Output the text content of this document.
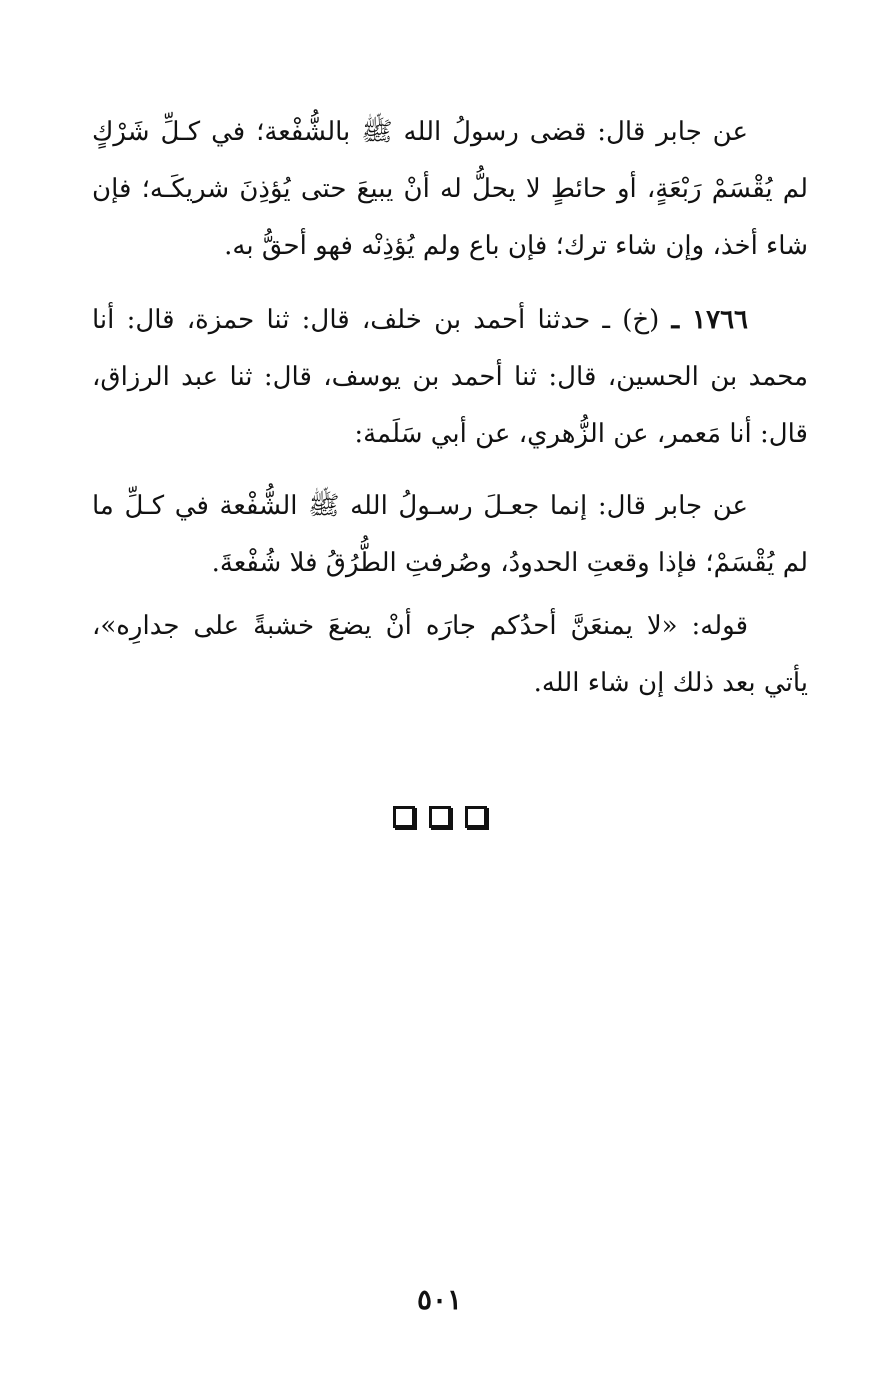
عن جابر قال: قضى رسولُ الله ﷺ بالشُّفْعة؛ في كـلِّ شَرْكٍ لم يُقْسَمْ رَبْعَةٍ، أو حائطٍ لا يحلُّ له أنْ يبيعَ حتى يُؤذِنَ شريكَـه؛ فإن شاء أخذ، وإن شاء ترك؛ فإن باع ولم يُؤذِنْه فهو أحقُّ به.

١٧٦٦ ـ (خ) ـ حدثنا أحمد بن خلف، قال: ثنا حمزة، قال: أنا محمد بن الحسين، قال: ثنا أحمد بن يوسف، قال: ثنا عبد الرزاق، قال: أنا مَعمر، عن الزُّهري، عن أبي سَلَمة:

عن جابر قال: إنما جعـلَ رسـولُ الله ﷺ الشُّفْعة في كـلِّ ما لم يُقْسَمْ؛ فإذا وقعتِ الحدودُ، وصُرفتِ الطُّرُقُ فلا شُفْعةَ.

قوله: «لا يمنعَنَّ أحدُكم جارَه أنْ يضعَ خشبةً على جدارِه»، يأتي بعد ذلك إن شاء الله.

٥٠١
